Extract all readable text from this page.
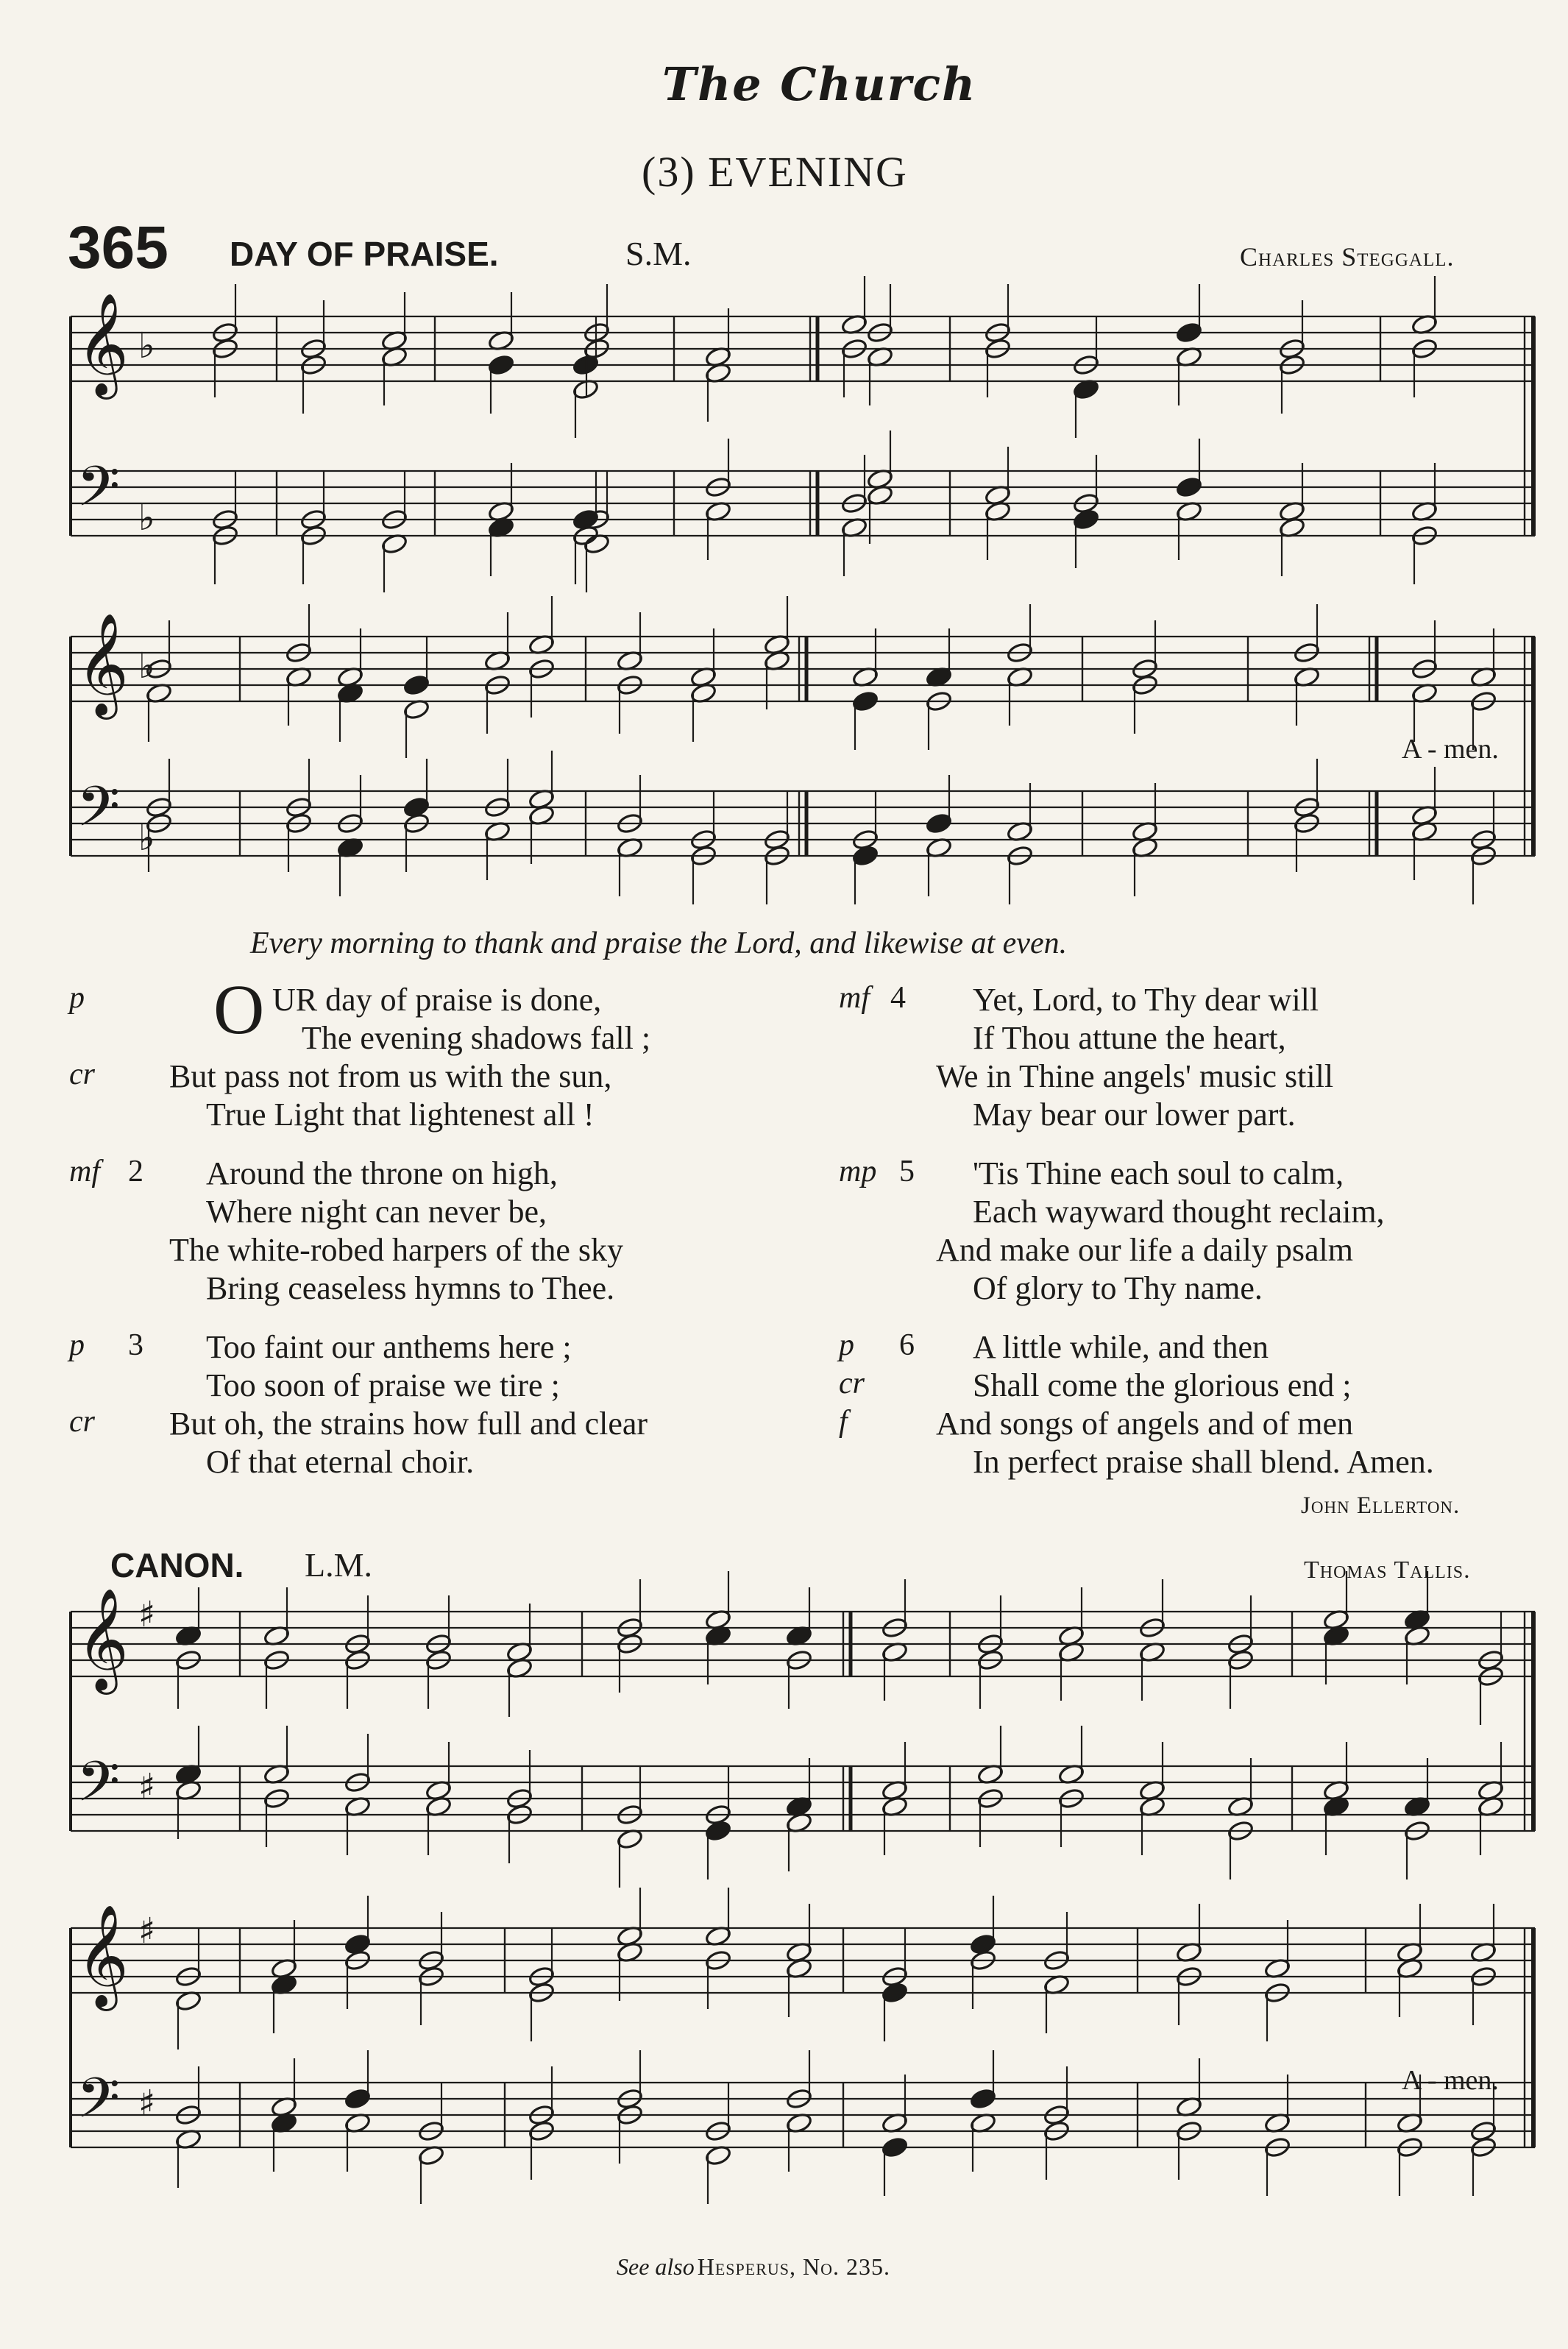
The Church
(3) EVENING
365 DAY OF PRAISE.	S.M.	Charles Steggall.
𝄞
𝄢
♭
♭
𝄞
𝄢
♭
♭
A - men.
Every morning to thank and praise the Lord, and likewise at even.
O
p	UR day of praise is done,
The evening shadows fall ;
cr But pass not from us with the sun,
True Light that lightenest all !
mf 2 Around the throne on high,
Where night can never be,
The white-robed harpers of the sky
Bring ceaseless hymns to Thee.
p 3 Too faint our anthems here ;
Too soon of praise we tire ;
cr But oh, the strains how full and clear
Of that eternal choir.
mf 4 Yet, Lord, to Thy dear will
If Thou attune the heart,
We in Thine angels' music still
May bear our lower part.
mp 5 'Tis Thine each soul to calm,
Each wayward thought reclaim,
And make our life a daily psalm
Of glory to Thy name.
p 6 A little while, and then
cr	Shall come the glorious end ;
f	And songs of angels and of men
In perfect praise shall blend. Amen.
John Ellerton.
CANON. L.M.	Thomas Tallis.
𝄞
𝄢
♯
♯
𝄞
𝄢
♯
♯
A - men.
See also Hesperus, No. 235.
